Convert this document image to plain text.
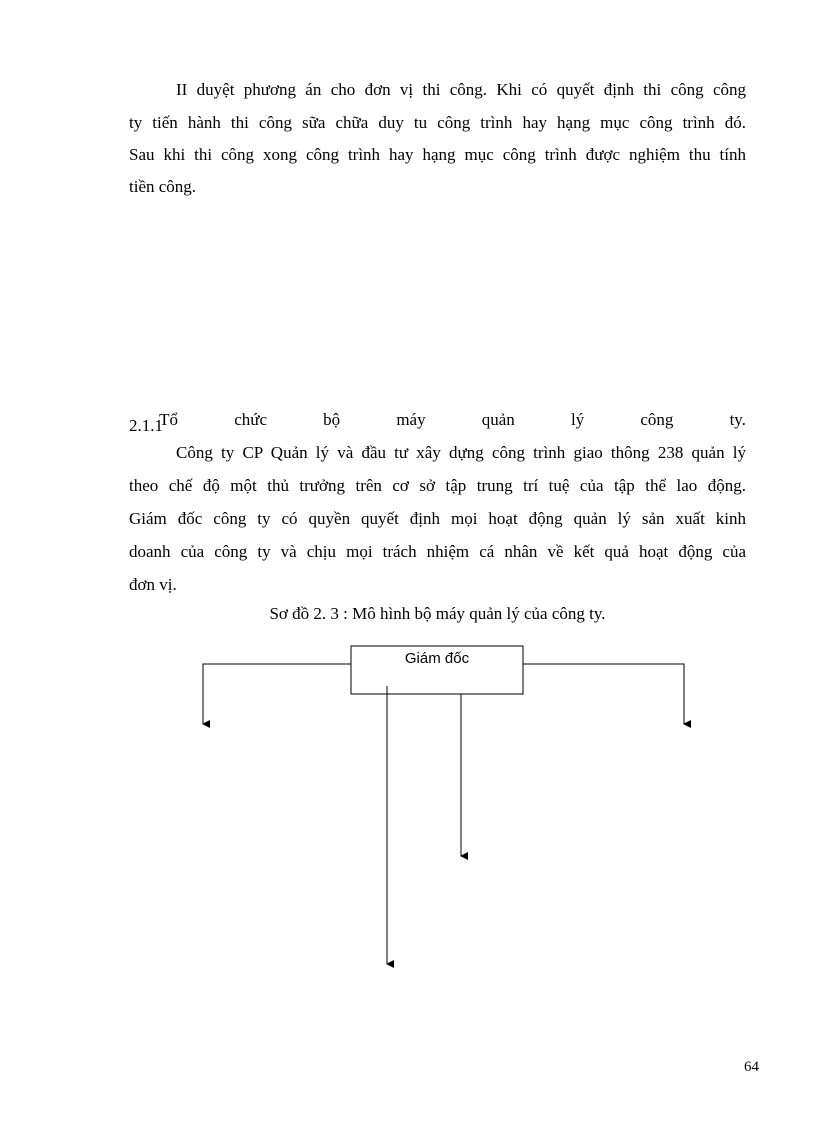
II duyệt phương án cho đơn vị thi công. Khi có quyết định thi công công
ty tiến hành thi công sữa chữa duy tu công trình hay hạng mục công trình đó.
Sau khi thi công xong công trình hay hạng mục công trình được nghiệm thu tính
tiền công.
2.1.1
Tổ	chức	bộ	máy	quản	lý	công	ty.
Công ty CP Quản lý và đầu tư xây dựng công trình giao thông 238 quản lý
theo chế độ một thủ trưởng trên cơ sở tập trung trí tuệ của tập thể lao động.
Giám đốc công ty có quyền quyết định mọi hoạt động quản lý sản xuất kinh
doanh của công ty và chịu mọi trách nhiệm cá nhân về kết quả hoạt động của
đơn vị.
Sơ đồ 2. 3 : Mô hình bộ máy quản lý của công ty.
Giám đốc
64
